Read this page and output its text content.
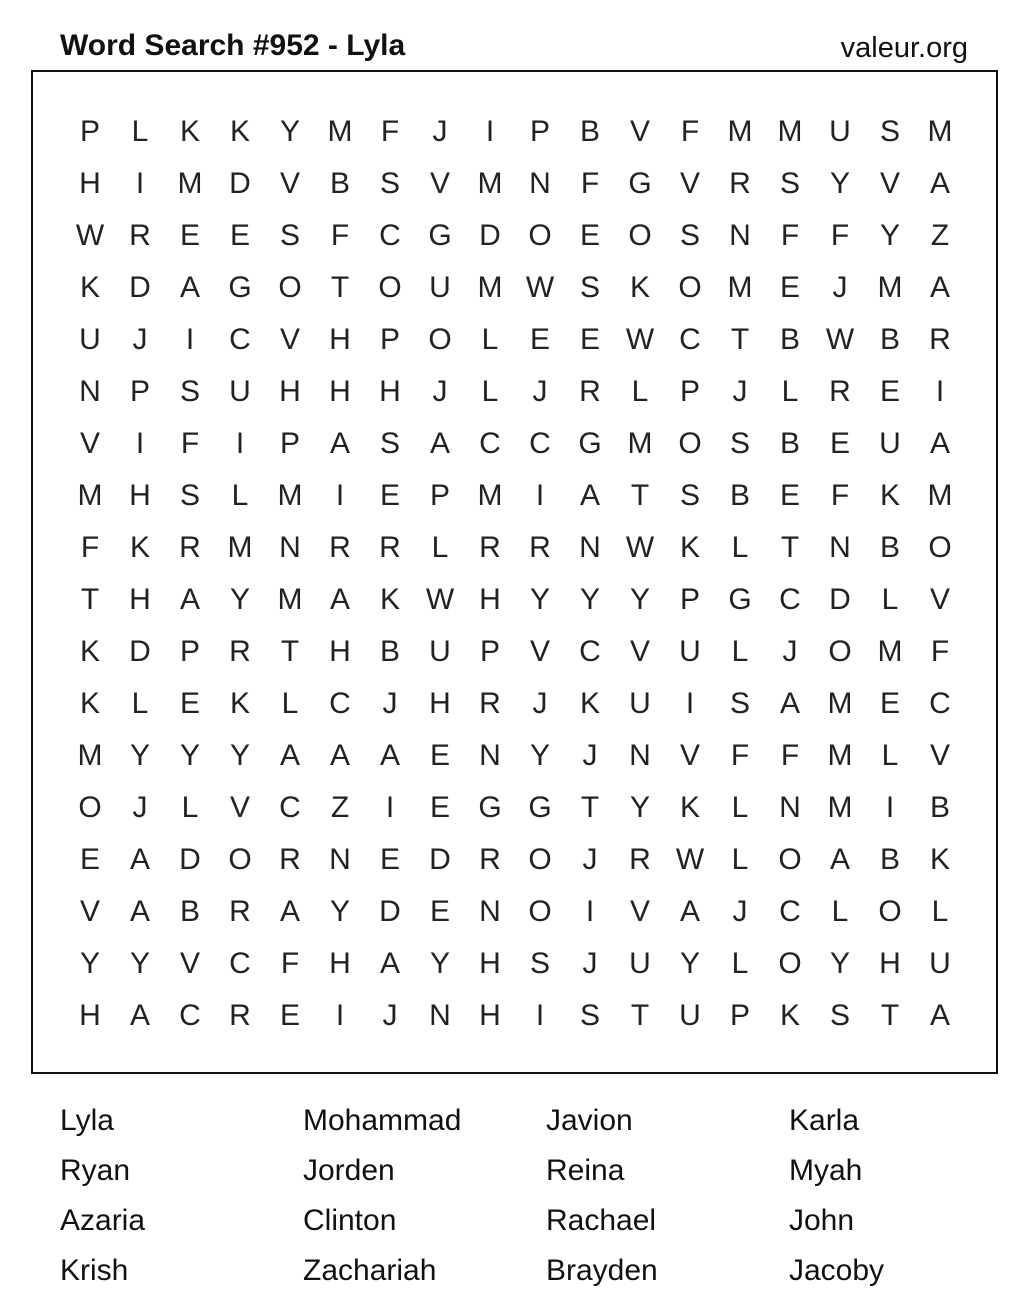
Word Search #952 - Lyla	valeur.org
P	L	K K Y M F	J	I	P B V	F M M U S M
H	I	M D V B S V M N	F G V R S Y V A
W R E E S	F	C G D O E O S N	F	F	Y	Z
K D A G O T O U M W S K O M E	J	M A
U	J	I	C V H P O L	E E W C	T	B W B R
N P S U H H H	J	L	J	R	L	P	J	L	R E	I
V	I	F	I	P A S A C C G M O S B E U A
M H S	L M	I	E P M	I	A	T	S B E	F	K M
F	K R M N R R	L	R R N W K	L	T	N B O
T	H A Y M A K W H Y Y Y P G C D	L	V
K D P R	T	H B U P V C V U	L	J	O M F
K	L	E K	L	C	J	H R	J	K U	I	S A M E C
M Y Y Y A A A E N Y	J	N V	F	F M L	V
O	J	L	V C	Z	I	E G G T	Y K	L	N M	I	B
E A D O R N E D R O	J	R W L O A B K
V A B R A Y D E N O	I	V A	J	C	L O L
Y Y V C	F	H A Y H S	J	U Y	L O Y H U
H A C R E	I	J	N H	I	S	T	U P K S	T	A
Lyla	Mohammad	Javion	Karla
Ryan	Jorden	Reina	Myah
Azaria	Clinton	Rachael	John
Krish	Zachariah	Brayden	Jacoby
